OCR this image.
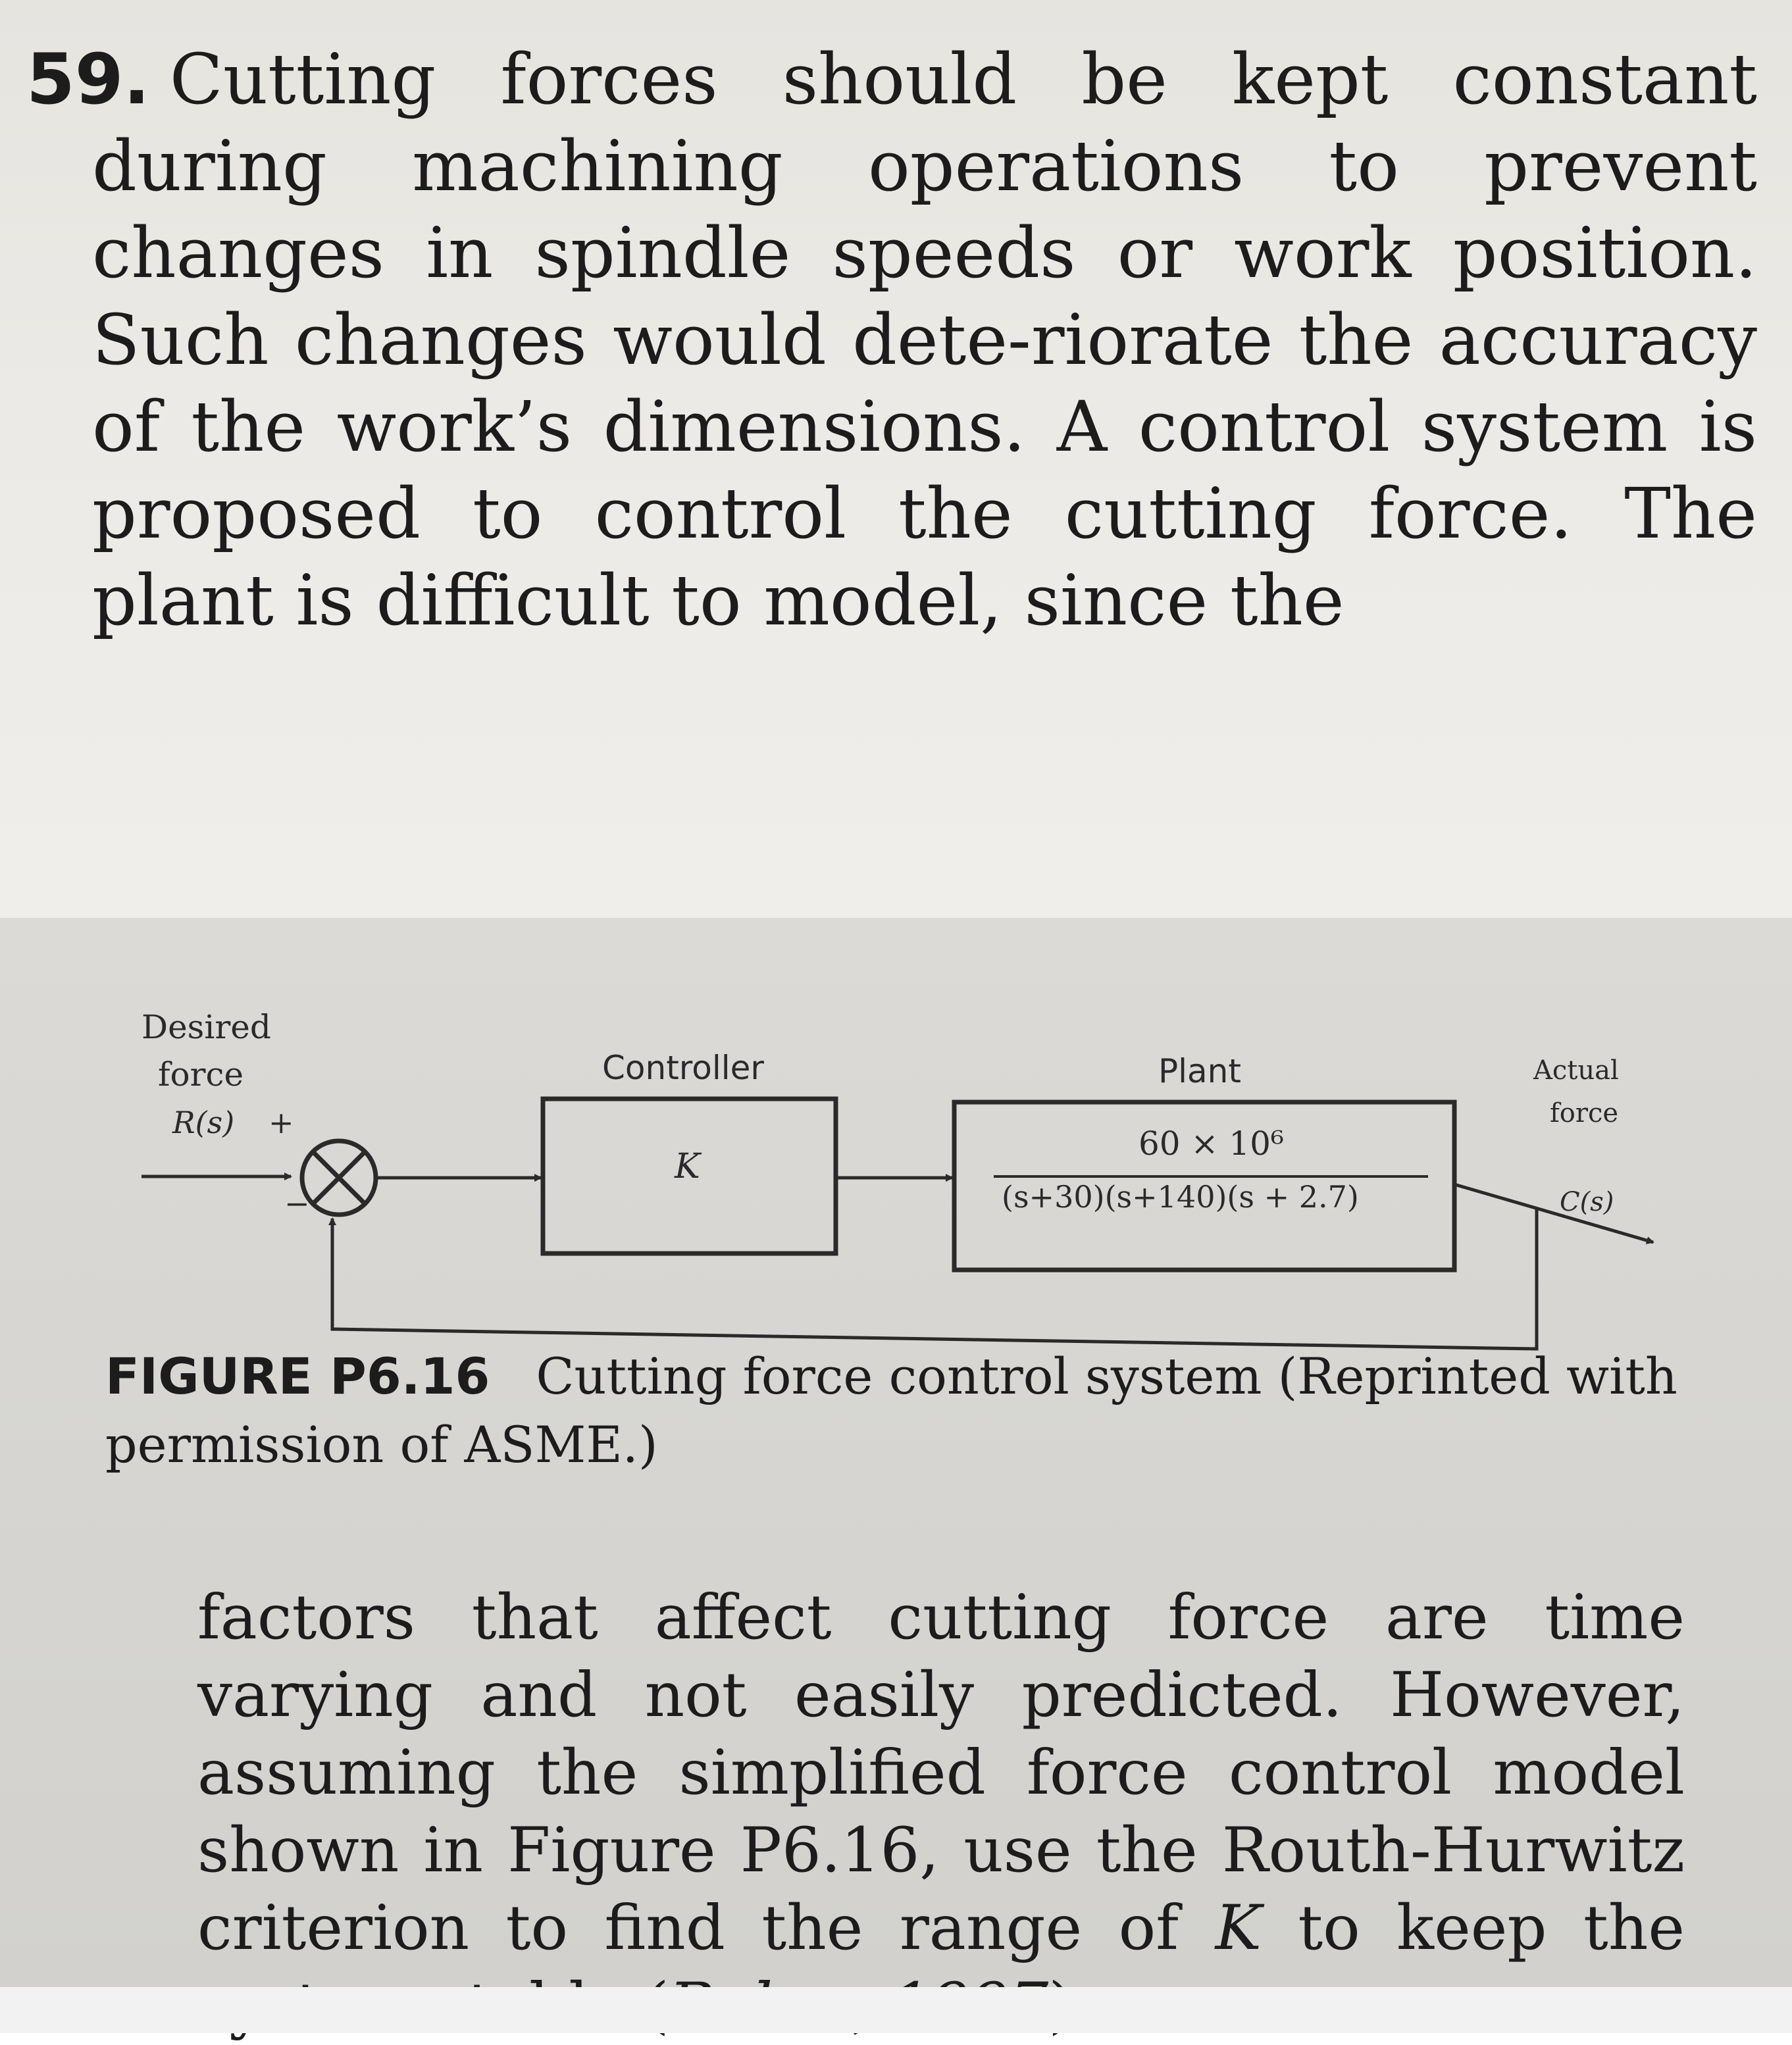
59. Cutting forces should be kept constant during machining operations to prevent changes in spindle speeds or work position. Such changes would dete-riorate the accuracy of the work’s dimensions. A control system is proposed to control the cutting force. The plant is difficult to model, since the
Desired
force
R(s) +
−
Controller
K
Plant
60 × 10⁶
(s+30)(s+140)(s + 2.7)
Actual
force
C(s)
FIGURE P6.16 Cutting force control system (Reprinted with permission of ASME.)
factors that affect cutting force are time varying and not easily predicted. However, assuming the simplified force control model shown in Figure P6.16, use the Routh-Hurwitz criterion to find the range of K to keep the
